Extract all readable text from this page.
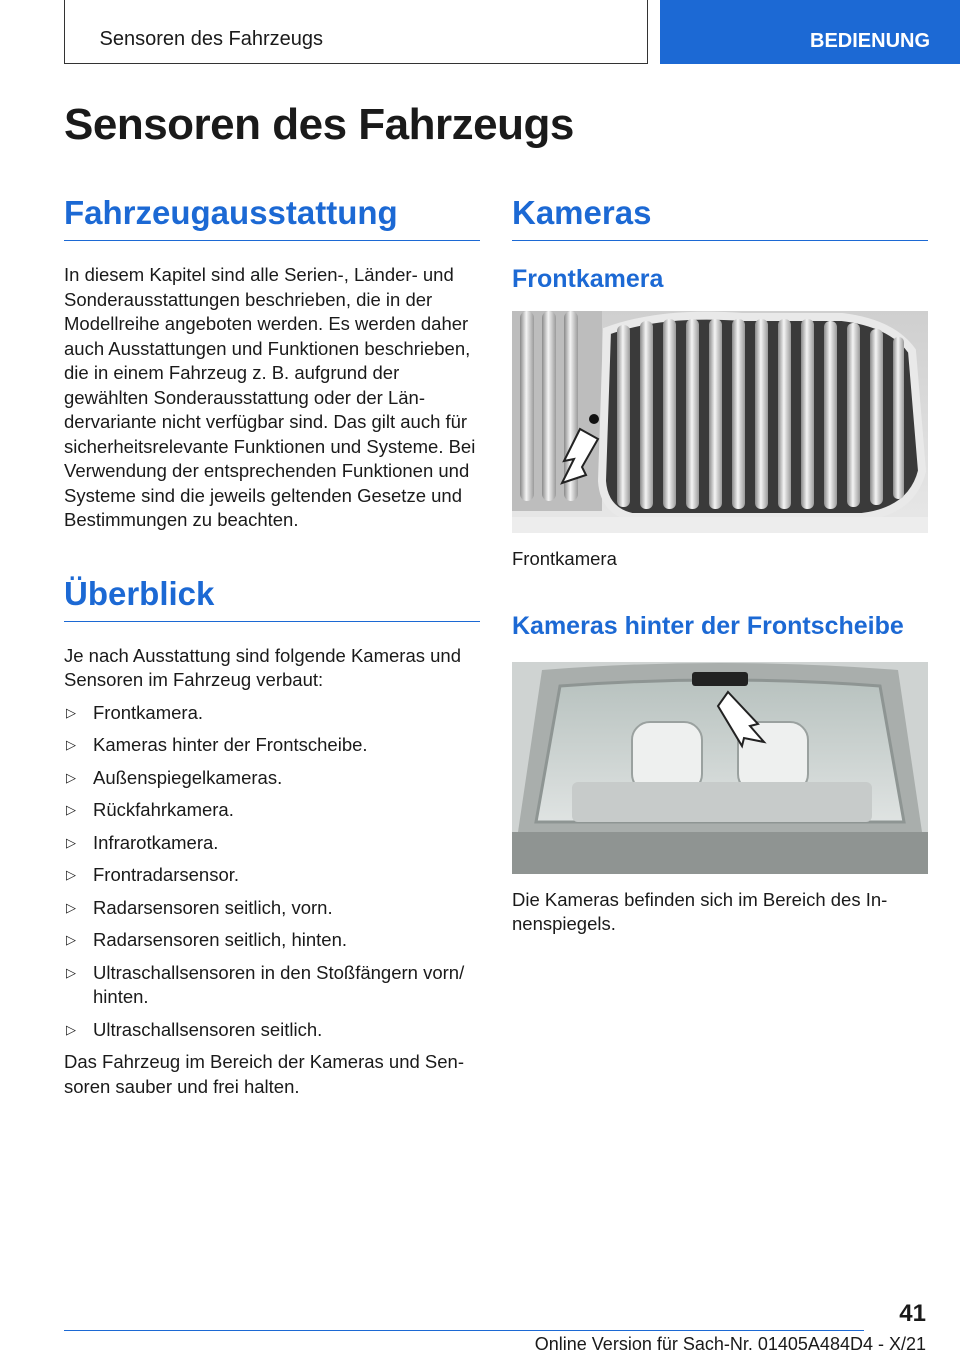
Sensoren des Fahrzeugs	BEDIENUNG
Sensoren des Fahrzeugs
Fahrzeugausstattung

In diesem Kapitel sind alle Serien-, Länder- und Sonderausstattungen beschrieben, die in der Modellreihe angeboten werden. Es werden daher auch Ausstattungen und Funktionen beschrieben, die in einem Fahrzeug z. B. aufgrund der gewählten Sonderausstattung oder der Ländervariante nicht verfügbar sind. Das gilt auch für sicherheitsrelevante Funktionen und Systeme. Bei Verwendung der entsprechenden Funktionen und Systeme sind die jeweils geltenden Gesetze und Bestimmungen zu beachten.

Überblick

Je nach Ausstattung sind folgende Kameras und Sensoren im Fahrzeug verbaut:

▷ Frontkamera.
▷ Kameras hinter der Frontscheibe.
▷ Außenspiegelkameras.
▷ Rückfahrkamera.
▷ Infrarotkamera.
▷ Frontradarsensor.
▷ Radarsensoren seitlich, vorn.
▷ Radarsensoren seitlich, hinten.
▷ Ultraschallsensoren in den Stoßfängern vorn/ hinten.
▷ Ultraschallsensoren seitlich.

Das Fahrzeug im Bereich der Kameras und Sensoren sauber und frei halten.

Kameras
Frontkamera
Frontkamera
Kameras hinter der Frontscheibe
Die Kameras befinden sich im Bereich des Innenspiegels.
41
Online Version für Sach-Nr. 01405A484D4 - X/21
